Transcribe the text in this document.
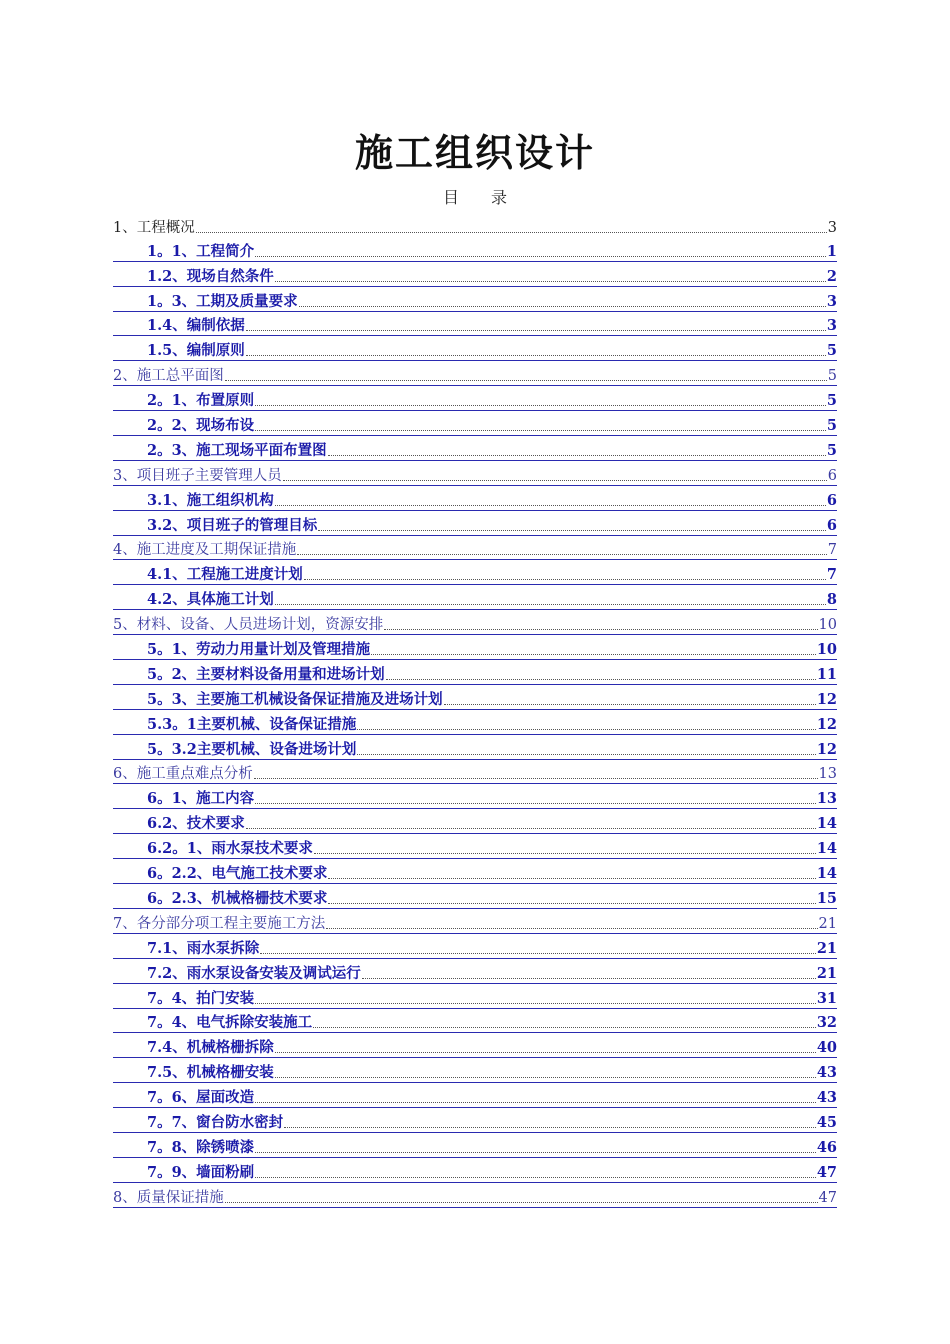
施工组织设计
目　　录
1、工程概况	3
1。1、工程简介	1
1.2、现场自然条件	2
1。3、工期及质量要求	3
1.4、编制依据	3
1.5、编制原则	5
2、施工总平面图	5
2。1、布置原则	5
2。2、现场布设	5
2。3、施工现场平面布置图	5
3、项目班子主要管理人员	6
3.1、施工组织机构	6
3.2、项目班子的管理目标	6
4、施工进度及工期保证措施	7
4.1、工程施工进度计划	7
4.2、具体施工计划	8
5、材料、设备、人员进场计划，资源安排	10
5。1、劳动力用量计划及管理措施	10
5。2、主要材料设备用量和进场计划	11
5。3、主要施工机械设备保证措施及进场计划	12
5.3。1主要机械、设备保证措施	12
5。3.2主要机械、设备进场计划	12
6、施工重点难点分析	13
6。1、施工内容	13
6.2、技术要求	14
6.2。1、雨水泵技术要求	14
6。2.2、电气施工技术要求	14
6。2.3、机械格栅技术要求	15
7、各分部分项工程主要施工方法	21
7.1、雨水泵拆除	21
7.2、雨水泵设备安装及调试运行	21
7。4、拍门安装	31
7。4、电气拆除安装施工	32
7.4、机械格栅拆除	40
7.5、机械格栅安装	43
7。6、屋面改造	43
7。7、窗台防水密封	45
7。8、除锈喷漆	46
7。9、墙面粉刷	47
8、质量保证措施	47
